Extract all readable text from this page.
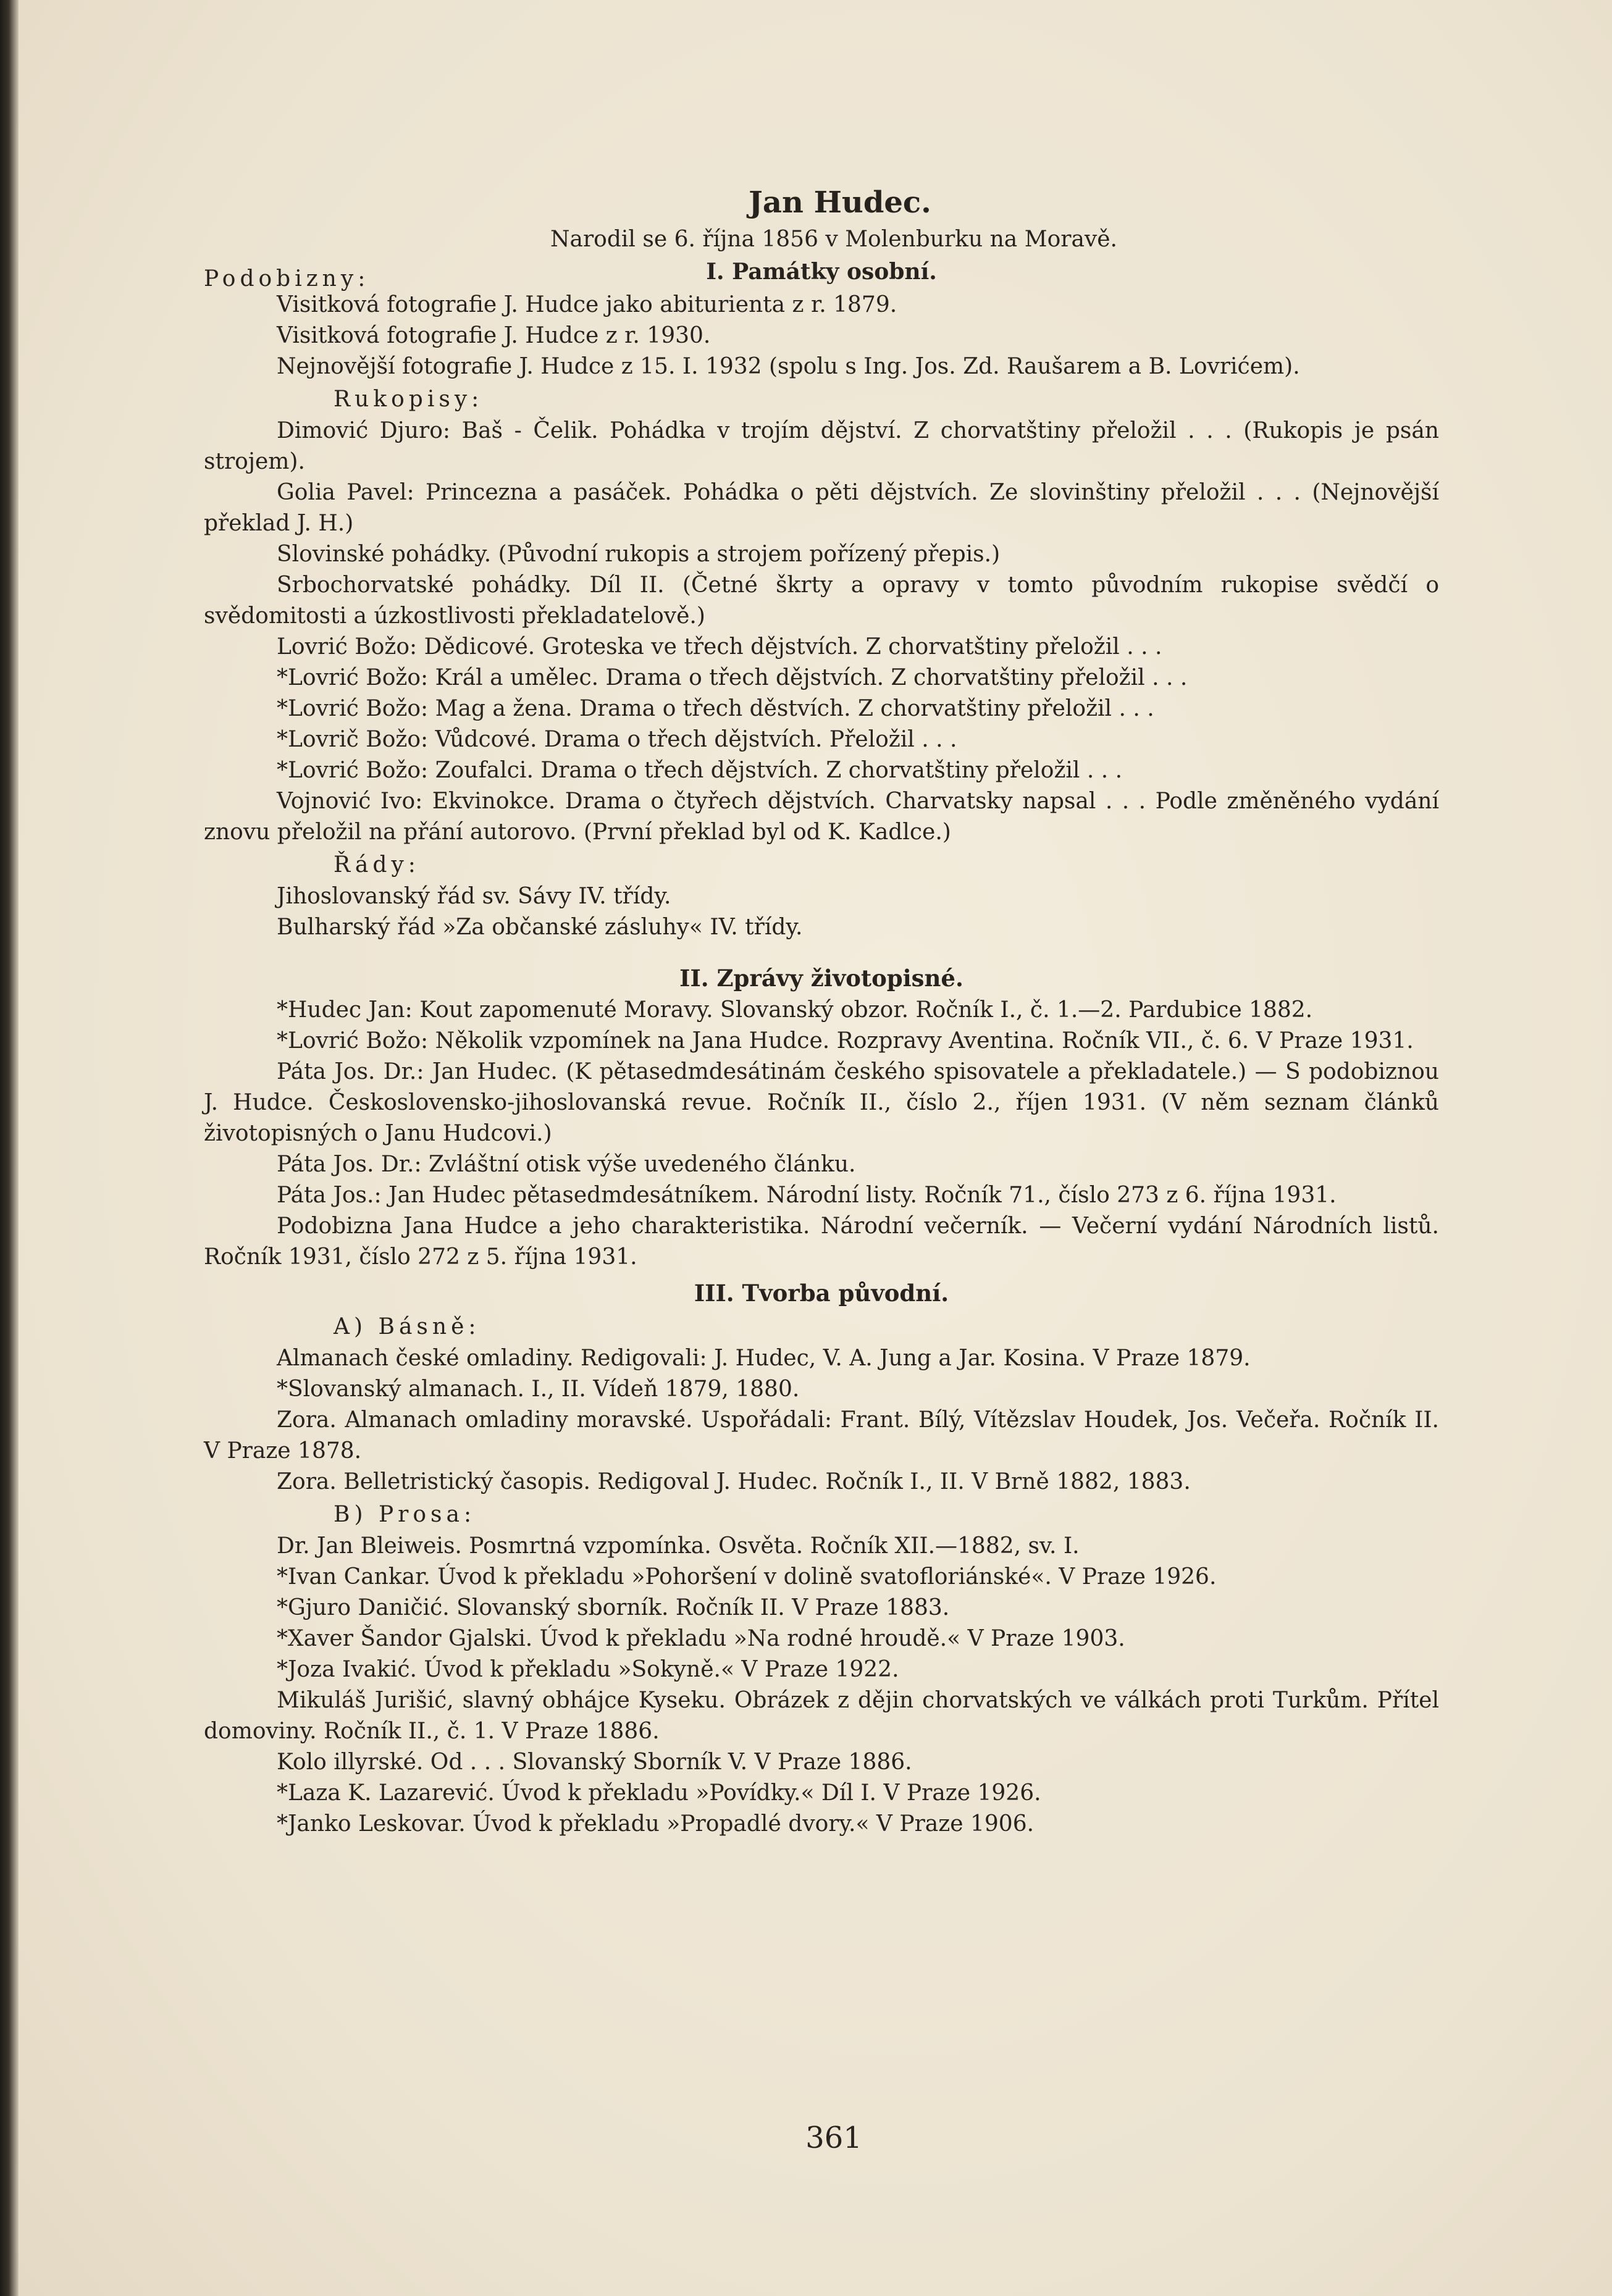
Jan Hudec.
Narodil se 6. října 1856 v Molenburku na Moravě.
Podobizny:	I. Památky osobní.

Visitková fotografie J. Hudce jako abiturienta z r. 1879.

Visitková fotografie J. Hudce z r. 1930.

Nejnovější fotografie J. Hudce z 15. I. 1932 (spolu s Ing. Jos. Zd. Raušarem a B. Lovrićem).

Rukopisy:

Dimović Djuro: Baš - Čelik. Pohádka v trojím dějství. Z chorvatštiny přeložil . . . (Rukopis je psán strojem).

Golia Pavel: Princezna a pasáček. Pohádka o pěti dějstvích. Ze slovinštiny přeložil . . . (Nejnovější překlad J. H.)

Slovinské pohádky. (Původní rukopis a strojem pořízený přepis.)

Srbochorvatské pohádky. Díl II. (Četné škrty a opravy v tomto původním rukopise svědčí o svědomitosti a úzkostlivosti překladatelově.)

Lovrić Božo: Dědicové. Groteska ve třech dějstvích. Z chorvatštiny přeložil . . .

*Lovrić Božo: Král a umělec. Drama o třech dějstvích. Z chorvatštiny přeložil . . .

*Lovrić Božo: Mag a žena. Drama o třech děstvích. Z chorvatštiny přeložil . . .

*Lovrič Božo: Vůdcové. Drama o třech dějstvích. Přeložil . . .

*Lovrić Božo: Zoufalci. Drama o třech dějstvích. Z chorvatštiny přeložil . . .

Vojnović Ivo: Ekvinokce. Drama o čtyřech dějstvích. Charvatsky napsal . . . Podle změněného vydání znovu přeložil na přání autorovo. (První překlad byl od K. Kadlce.)

Řády:

Jihoslovanský řád sv. Sávy IV. třídy.

Bulharský řád »Za občanské zásluhy« IV. třídy.

II. Zprávy životopisné.

*Hudec Jan: Kout zapomenuté Moravy. Slovanský obzor. Ročník I., č. 1.—2. Pardubice 1882.

*Lovrić Božo: Několik vzpomínek na Jana Hudce. Rozpravy Aventina. Ročník VII., č. 6. V Praze 1931.

Páta Jos. Dr.: Jan Hudec. (K pětasedmdesátinám českého spisovatele a překladatele.) — S podobiznou J. Hudce. Československo-jihoslovanská revue. Ročník II., číslo 2., říjen 1931. (V něm seznam článků životopisných o Janu Hudcovi.)

Páta Jos. Dr.: Zvláštní otisk výše uvedeného článku.

Páta Jos.: Jan Hudec pětasedmdesátníkem. Národní listy. Ročník 71., číslo 273 z 6. října 1931.

Podobizna Jana Hudce a jeho charakteristika. Národní večerník. — Večerní vydání Národních listů. Ročník 1931, číslo 272 z 5. října 1931.

III. Tvorba původní.
A) Básně:

Almanach české omladiny. Redigovali: J. Hudec, V. A. Jung a Jar. Kosina. V Praze 1879.

*Slovanský almanach. I., II. Vídeň 1879, 1880.

Zora. Almanach omladiny moravské. Uspořádali: Frant. Bílý, Vítězslav Houdek, Jos. Večeřa. Ročník II. V Praze 1878.

Zora. Belletristický časopis. Redigoval J. Hudec. Ročník I., II. V Brně 1882, 1883.

B) Prosa:

Dr. Jan Bleiweis. Posmrtná vzpomínka. Osvěta. Ročník XII.—1882, sv. I.

*Ivan Cankar. Úvod k překladu »Pohoršení v dolině svatofloriánské«. V Praze 1926.

*Gjuro Daničić. Slovanský sborník. Ročník II. V Praze 1883.

*Xaver Šandor Gjalski. Úvod k překladu »Na rodné hroudě.« V Praze 1903.

*Joza Ivakić. Úvod k překladu »Sokyně.« V Praze 1922.

Mikuláš Jurišić, slavný obhájce Kyseku. Obrázek z dějin chorvatských ve válkách proti Turkům. Přítel domoviny. Ročník II., č. 1. V Praze 1886.

Kolo illyrské. Od . . . Slovanský Sborník V. V Praze 1886.

*Laza K. Lazarević. Úvod k překladu »Povídky.« Díl I. V Praze 1926.

*Janko Leskovar. Úvod k překladu »Propadlé dvory.« V Praze 1906.

361
